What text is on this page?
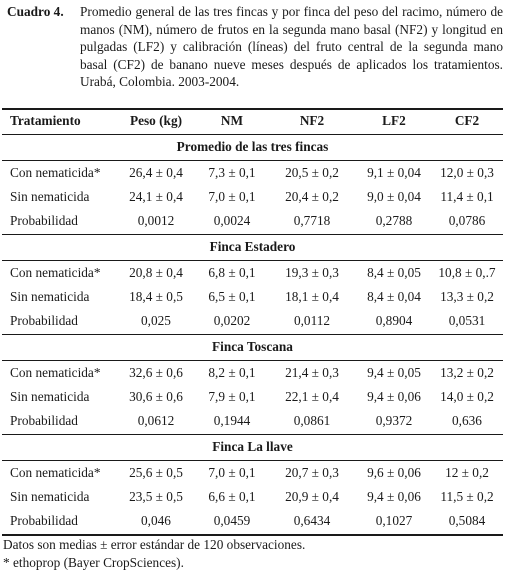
Cuadro 4. Promedio general de las tres fincas y por finca del peso del racimo, número de manos (NM), número de frutos en la segunda mano basal (NF2) y longitud en pulgadas (LF2) y calibración (líneas) del fruto central de la segunda mano basal (CF2) de banano nueve meses después de aplicados los tratamientos. Urabá, Colombia. 2003-2004.
Tratamiento	Peso (kg)	NM	NF2	LF2	CF2
Promedio de las tres fincas
Con nematicida*	26,4 ± 0,4	7,3 ± 0,1	20,5 ± 0,2	9,1 ± 0,04	12,0 ± 0,3
Sin nematicida	24,1 ± 0,4	7,0 ± 0,1	20,4 ± 0,2	9,0 ± 0,04	11,4 ± 0,1
Probabilidad	0,0012	0,0024	0,7718	0,2788	0,0786
Finca Estadero
Con nematicida*	20,8 ± 0,4	6,8 ± 0,1	19,3 ± 0,3	8,4 ± 0,05	10,8 ± 0,.7
Sin nematicida	18,4 ± 0,5	6,5 ± 0,1	18,1 ± 0,4	8,4 ± 0,04	13,3 ± 0,2
Probabilidad	0,025	0,0202	0,0112	0,8904	0,0531
Finca Toscana
Con nematicida*	32,6 ± 0,6	8,2 ± 0,1	21,4 ± 0,3	9,4 ± 0,05	13,2 ± 0,2
Sin nematicida	30,6 ± 0,6	7,9 ± 0,1	22,1 ± 0,4	9,4 ± 0,06	14,0 ± 0,2
Probabilidad	0,0612	0,1944	0,0861	0,9372	0,636
Finca La llave
Con nematicida*	25,6 ± 0,5	7,0 ± 0,1	20,7 ± 0,3	9,6 ± 0,06	12 ± 0,2
Sin nematicida	23,5 ± 0,5	6,6 ± 0,1	20,9 ± 0,4	9,4 ± 0,06	11,5 ± 0,2
Probabilidad	0,046	0,0459	0,6434	0,1027	0,5084
Datos son medias ± error estándar de 120 observaciones.
* ethoprop (Bayer CropSciences).
